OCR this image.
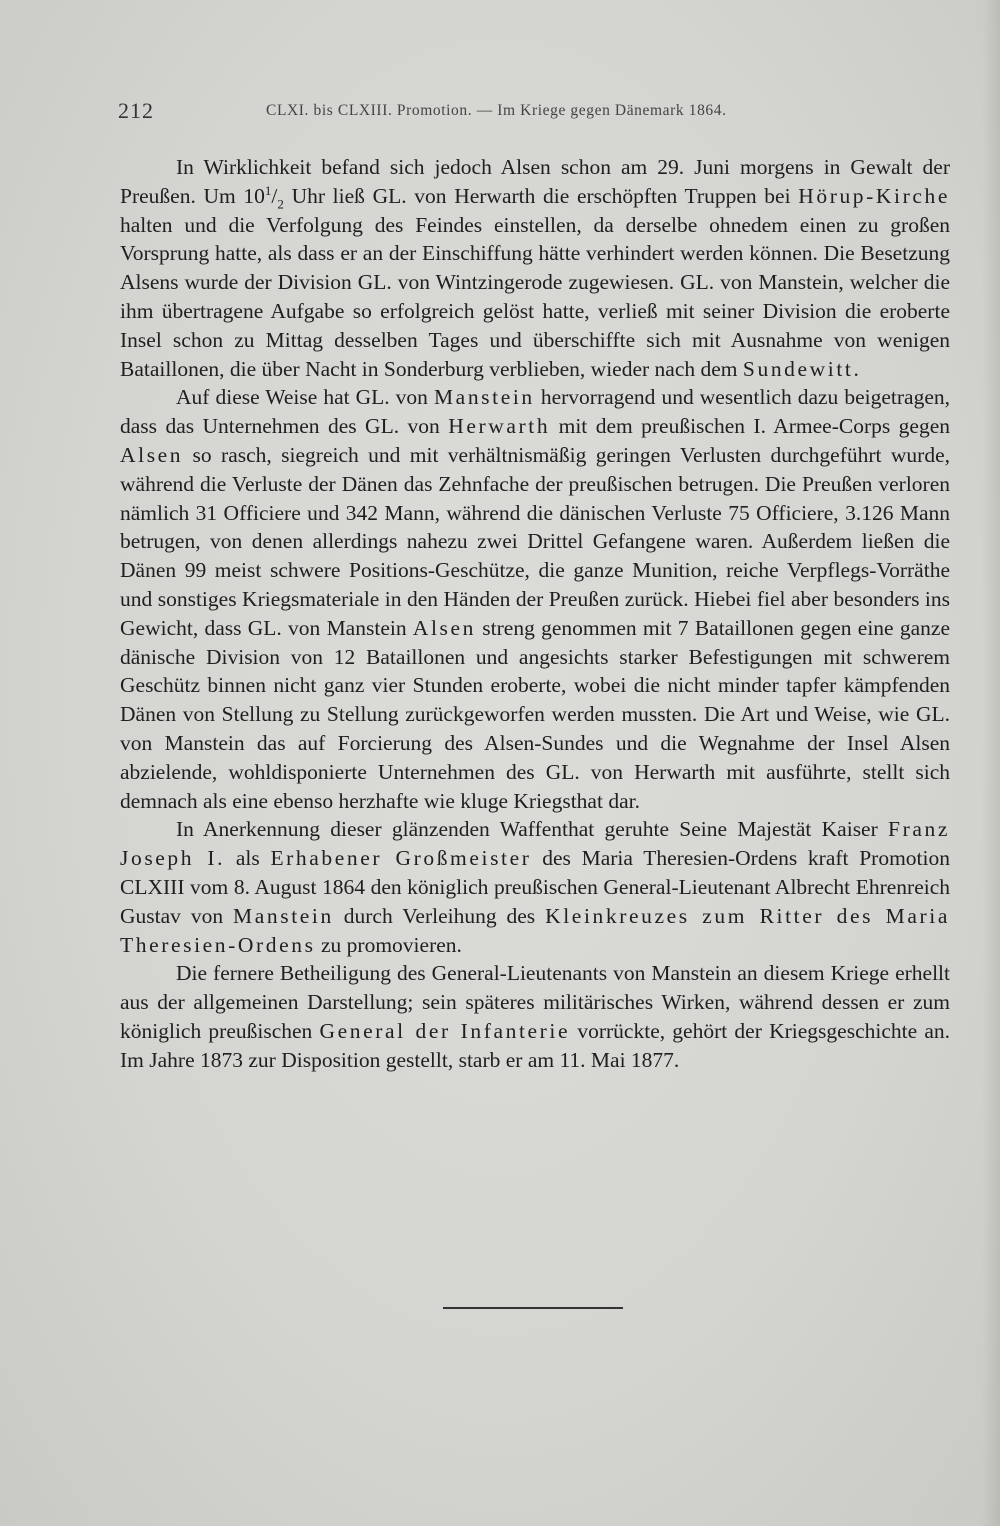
212	CLXI. bis CLXIII. Promotion. — Im Kriege gegen Dänemark 1864.

In Wirklichkeit befand sich jedoch Alsen schon am 29. Juni morgens in Gewalt der Preußen. Um $10^1/_2$ Uhr ließ GL. von Herwarth die erschöpften Truppen bei Hörup-Kirche halten und die Verfolgung des Feindes einstellen, da derselbe ohnedem einen zu großen Vorsprung hatte, als dass er an der Einschiffung hätte verhindert werden können. Die Besetzung Alsens wurde der Division GL. von Wintzingerode zugewiesen. GL. von Manstein, welcher die ihm übertragene Aufgabe so erfolgreich gelöst hatte, verließ mit seiner Division die eroberte Insel schon zu Mittag desselben Tages und überschiffte sich mit Ausnahme von wenigen Bataillonen, die über Nacht in Sonderburg verblieben, wieder nach dem Sundewitt.

Auf diese Weise hat GL. von Manstein hervorragend und wesentlich dazu beigetragen, dass das Unternehmen des GL. von Herwarth mit dem preußischen I. Armee-Corps gegen Alsen so rasch, siegreich und mit verhältnismäßig geringen Verlusten durchgeführt wurde, während die Verluste der Dänen das Zehnfache der preußischen betrugen. Die Preußen verloren nämlich 31 Officiere und 342 Mann, während die dänischen Verluste 75 Officiere, 3.126 Mann betrugen, von denen allerdings nahezu zwei Drittel Gefangene waren. Außerdem ließen die Dänen 99 meist schwere Positions-Geschütze, die ganze Munition, reiche Verpflegs-Vorräthe und sonstiges Kriegsmateriale in den Händen der Preußen zurück. Hiebei fiel aber besonders ins Gewicht, dass GL. von Manstein Alsen streng genommen mit 7 Bataillonen gegen eine ganze dänische Division von 12 Bataillonen und angesichts starker Befestigungen mit schwerem Geschütz binnen nicht ganz vier Stunden eroberte, wobei die nicht minder tapfer kämpfenden Dänen von Stellung zu Stellung zurückgeworfen werden mussten. Die Art und Weise, wie GL. von Manstein das auf Forcierung des Alsen-Sundes und die Wegnahme der Insel Alsen abzielende, wohldisponierte Unternehmen des GL. von Herwarth mit ausführte, stellt sich demnach als eine ebenso herzhafte wie kluge Kriegsthat dar.

In Anerkennung dieser glänzenden Waffenthat geruhte Seine Majestät Kaiser Franz Joseph I. als Erhabener Großmeister des Maria Theresien-Ordens kraft Promotion CLXIII vom 8. August 1864 den königlich preußischen General-Lieutenant Albrecht Ehrenreich Gustav von Manstein durch Verleihung des Kleinkreuzes zum Ritter des Maria Theresien-Ordens zu promovieren.

Die fernere Betheiligung des General-Lieutenants von Manstein an diesem Kriege erhellt aus der allgemeinen Darstellung; sein späteres militärisches Wirken, während dessen er zum königlich preußischen General der Infanterie vorrückte, gehört der Kriegsgeschichte an. Im Jahre 1873 zur Disposition gestellt, starb er am 11. Mai 1877.
